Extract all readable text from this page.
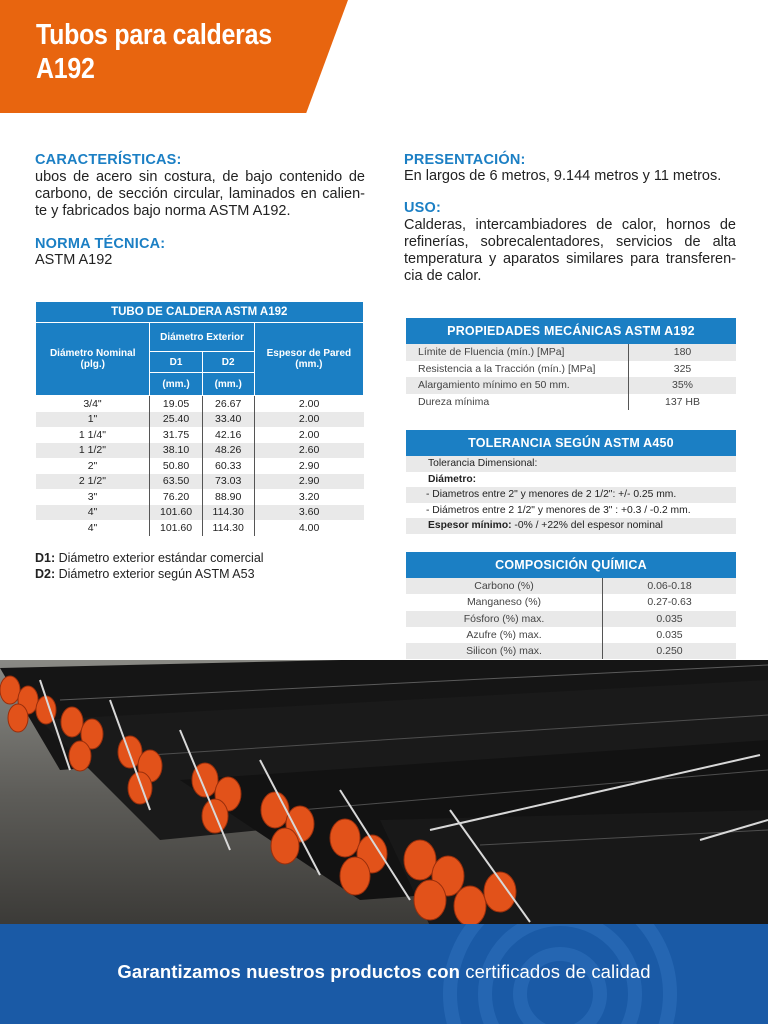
Tubos para calderas
A192
CARACTERÍSTICAS:
ubos de acero sin costura, de bajo contenido de carbono, de sección circular, laminados en calien-te y fabricados bajo norma ASTM A192.
NORMA TÉCNICA:
ASTM A192
PRESENTACIÓN:
En largos de 6 metros, 9.144 metros y 11 metros.
USO:
Calderas, intercambiadores de calor, hornos de refinerías, sobrecalentadores, servicios de alta temperatura y aparatos similares para transferen-cia de calor.
TUBO DE CALDERA ASTM A192			
Diámetro Nominal (plg.)	Diámetro Exterior		Espesor de Pared (mm.)
	D1	D2	
	(mm.)	(mm.)	
3/4"	19.05	26.67	2.00
1"	25.40	33.40	2.00
1 1/4"	31.75	42.16	2.00
1 1/2"	38.10	48.26	2.60
2"	50.80	60.33	2.90
2 1/2"	63.50	73.03	2.90
3"	76.20	88.90	3.20
4"	101.60	114.30	3.60
4"	101.60	114.30	4.00
D1: Diámetro exterior estándar comercial
D2: Diámetro exterior según ASTM A53
PROPIEDADES MECÁNICAS ASTM A192
Límite de Fluencia (mín.) [MPa]	180
Resistencia a la Tracción (mín.) [MPa]	325
Alargamiento mínimo en 50 mm.	35%
Dureza mínima	137 HB
TOLERANCIA SEGÚN ASTM A450
Tolerancia Dimensional:
Diámetro:
- Diametros entre 2" y menores de 2 1/2": +/- 0.25 mm.
- Diámetros entre 2 1/2" y menores de 3" : +0.3 / -0.2 mm.
Espesor mínimo: -0% / +22% del espesor nominal
COMPOSICIÓN QUÍMICA
Carbono (%)	0.06-0.18
Manganeso (%)	0.27-0.63
Fósforo (%) max.	0.035
Azufre (%) max.	0.035
Silicon (%) max.	0.250
Garantizamos nuestros productos con certificados de calidad
